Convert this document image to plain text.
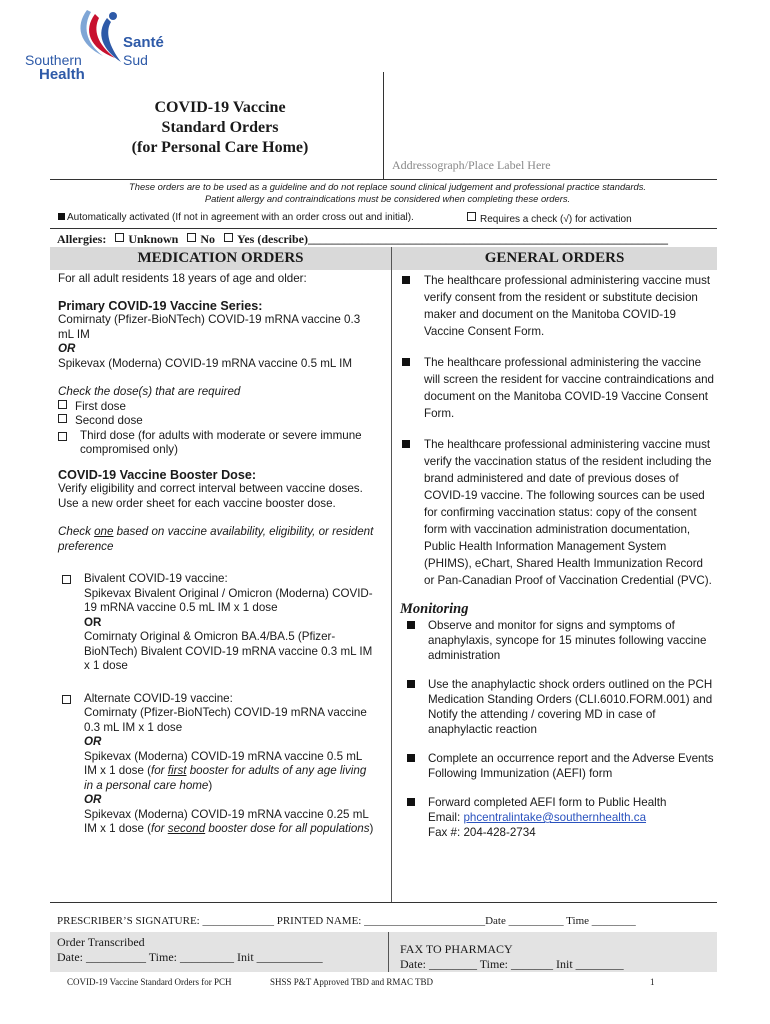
Santé
Sud
Southern
Health
COVID-19 Vaccine
Standard Orders
(for Personal Care Home)
Addressograph/Place Label Here
These orders are to be used as a guideline and do not replace sound clinical judgement and professional practice standards.
Patient allergy and contraindications must be considered when completing these orders.
Automatically activated (If not in agreement with an order cross out and initial).	Requires a check (√) for activation
Allergies: Unknown No Yes (describe)____________________________________________________________
MEDICATION ORDERS	GENERAL ORDERS

For all adult residents 18 years of age and older:

Primary COVID-19 Vaccine Series:

Comirnaty (Pfizer-BioNTech) COVID-19 mRNA vaccine 0.3 mL IM

OR

Spikevax (Moderna) COVID-19 mRNA vaccine 0.5 mL IM

Check the dose(s) that are required

First dose

Second dose

Third dose (for adults with moderate or severe immune compromised only)

COVID-19 Vaccine Booster Dose:

Verify eligibility and correct interval between vaccine doses. Use a new order sheet for each vaccine booster dose.

Check one based on vaccine availability, eligibility, or resident preference

Bivalent COVID-19 vaccine:
Spikevax Bivalent Original / Omicron (Moderna) COVID-19 mRNA vaccine 0.5 mL IM x 1 dose
OR
Comirnaty Original & Omicron BA.4/BA.5 (Pfizer-BioNTech) Bivalent COVID-19 mRNA vaccine 0.3 mL IM x 1 dose
Alternate COVID-19 vaccine:
Comirnaty (Pfizer-BioNTech) COVID-19 mRNA vaccine 0.3 mL IM x 1 dose
OR
Spikevax (Moderna) COVID-19 mRNA vaccine 0.5 mL IM x 1 dose (for first booster for adults of any age living in a personal care home)
OR
Spikevax (Moderna) COVID-19 mRNA vaccine 0.25 mL IM x 1 dose (for second booster dose for all populations)
The healthcare professional administering vaccine must verify consent from the resident or substitute decision maker and document on the Manitoba COVID-19 Vaccine Consent Form.
The healthcare professional administering the vaccine will screen the resident for vaccine contraindications and document on the Manitoba COVID-19 Vaccine Consent Form.
The healthcare professional administering vaccine must verify the vaccination status of the resident including the brand administered and date of previous doses of COVID-19 vaccine. The following sources can be used for confirming vaccination status: copy of the consent form with vaccination administration documentation, Public Health Information Management System (PHIMS), eChart, Shared Health Immunization Record or Pan-Canadian Proof of Vaccination Credential (PVC).
Monitoring
Observe and monitor for signs and symptoms of anaphylaxis, syncope for 15 minutes following vaccine administration
Use the anaphylactic shock orders outlined on the PCH Medication Standing Orders (CLI.6010.FORM.001) and Notify the attending / covering MD in case of anaphylactic reaction
Complete an occurrence report and the Adverse Events Following Immunization (AEFI) form
Forward completed AEFI form to Public Health
Email: phcentralintake@southernhealth.ca
Fax #: 204-428-2734
PRESCRIBER’S SIGNATURE: _____________ PRINTED NAME: ______________________Date __________ Time ________
Order Transcribed
Date: __________ Time: _________ Init ___________
FAX TO PHARMACY
Date: ________ Time: _______ Init ________
COVID-19 Vaccine Standard Orders for PCH	SHSS P&T Approved TBD and RMAC TBD	1
